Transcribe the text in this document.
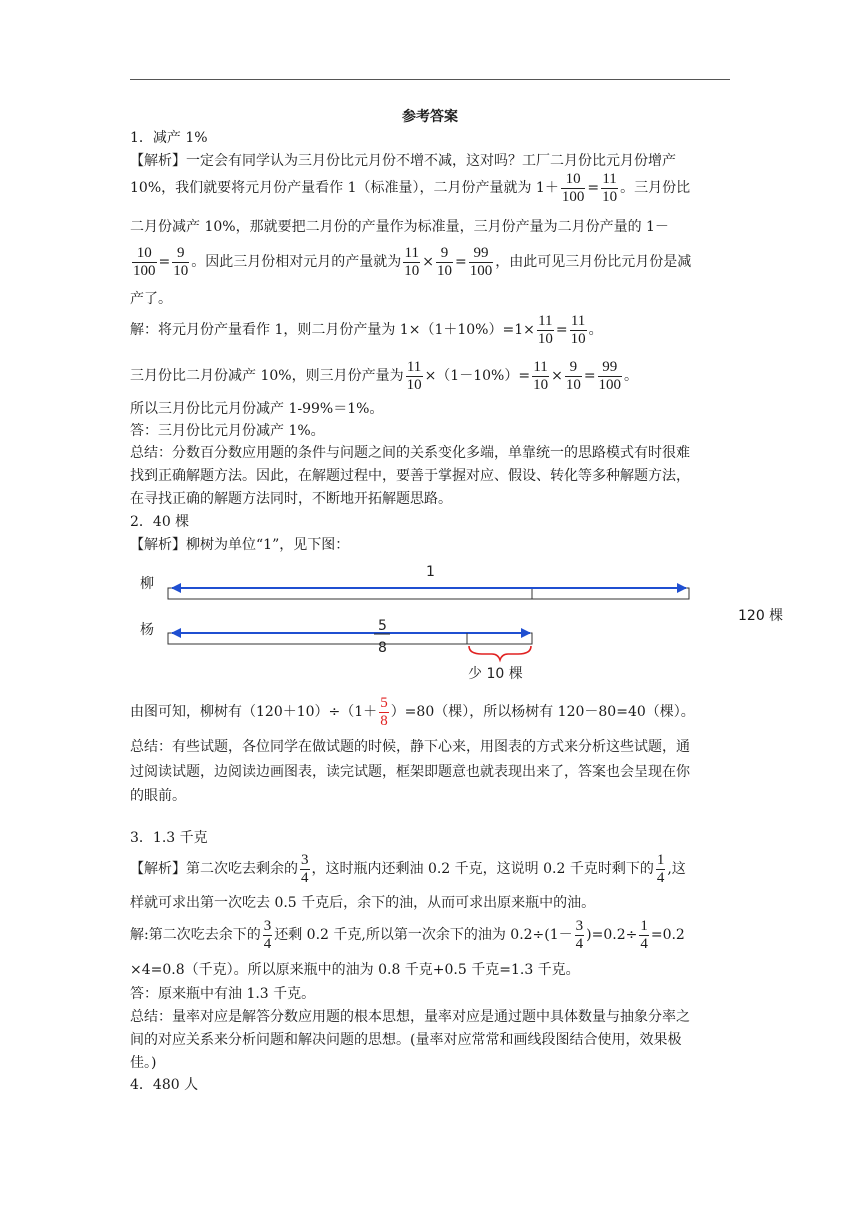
参考答案
1．减产 1%
【解析】一定会有同学认为三月份比元月份不增不减，这对吗？工厂二月份比元月份增产
10%，我们就要将元月份产量看作 1（标准量），二月份产量就为 $1+ \frac{10}{100} = \frac{11}{10}$ 。三月份比
二月份减产 10%，那就要把二月份的产量作为标准量，三月份产量为二月份产量的 1－
$\frac{10}{100} = \frac{9}{10}$ 。因此三月份相对元月的产量就为 $\frac{11}{10} \times \frac{9}{10} = \frac{99}{100}$ ，由此可见三月份比元月份是减
产了。
解：将元月份产量看作 1，则二月份产量为 $1\times(1+10\%)=1\times \frac{11}{10} = \frac{11}{10}$ 。
三月份比二月份减产 10%，则三月份产量为 $\frac{11}{10} \times(1-10\%)= \frac{11}{10} \times \frac{9}{10} = \frac{99}{100}$ 。
所以三月份比元月份减产 1-99%＝1%。
答：三月份比元月份减产 1%。
总结：分数百分数应用题的条件与问题之间的关系变化多端，单靠统一的思路模式有时很难
找到正确解题方法。因此，在解题过程中，要善于掌握对应、假设、转化等多种解题方法，
在寻找正确的解题方法同时，不断地开拓解题思路。
2．40 棵
【解析】柳树为单位“1”，见下图：
柳
杨
1
5
8
少 10 棵
120 棵
由图可知，柳树有$(120+10)\div(1+ \frac{5}{8} )=80$（棵），所以杨树有 120－80=40（棵）。
总结：有些试题，各位同学在做试题的时候，静下心来，用图表的方式来分析这些试题，通
过阅读试题，边阅读边画图表，读完试题，框架即题意也就表现出来了，答案也会呈现在你
的眼前。
3．1.3 千克
【解析】第二次吃去剩余的 $\frac{3}{4}$ ，这时瓶内还剩油 0.2 千克，这说明 0.2 千克时剩下的 $\frac{1}{4}$ ,这
样就可求出第一次吃去 0.5 千克后，余下的油，从而可求出原来瓶中的油。
解:第二次吃去余下的 $\frac{3}{4}$ 还剩 0.2 千克,所以第一次余下的油为 $0.2\div(1- \frac{3}{4} )=0.2\div \frac{1}{4} =0.2$
×4=0.8（千克）。所以原来瓶中的油为 0.8 千克+0.5 千克=1.3 千克。
答：原来瓶中有油 1.3 千克。
总结：量率对应是解答分数应用题的根本思想，量率对应是通过题中具体数量与抽象分率之
间的对应关系来分析问题和解决问题的思想。(量率对应常常和画线段图结合使用，效果极
佳。)
4．480 人
